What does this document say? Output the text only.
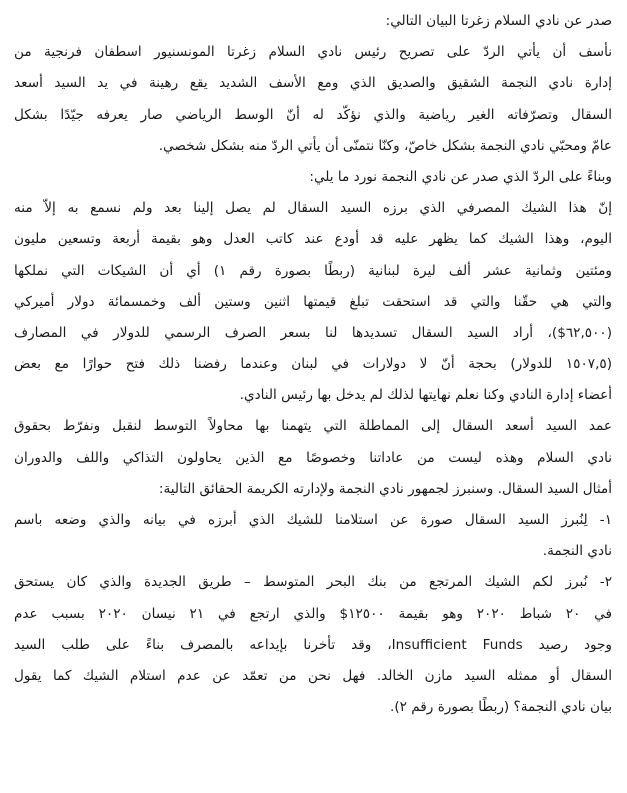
صدر عن نادي السلام زغرتا البيان التالي:
نأسف أن يأتي الردّ على تصريح رئيس نادي السلام زغرتا المونسنيور اسطفان فرنجية من
إدارة نادي النجمة الشقيق والصديق الذي ومع الأسف الشديد يقع رهينة في يد السيد أسعد
السقال وتصرّفاته الغير رياضية والذي نؤكّد له أنّ الوسط الرياضي صار يعرفه جيّدًا بشكل
عامّ ومحبّي نادي النجمة بشكل خاصّ، وكنّا نتمنّى أن يأتي الردّ منه بشكل شخصي.
وبناءً على الردّ الذي صدر عن نادي النجمة نورد ما يلي:
إنّ هذا الشيك المصرفي الذي برزه السيد السقال لم يصل إلينا بعد ولم نسمع به إلاّ منه
اليوم، وهذا الشيك كما يظهر عليه قد أودع عند كاتب العدل وهو بقيمة أربعة وتسعين مليون
ومئتين وثمانية عشر ألف ليرة لبنانية (ربطًا بصورة رقم ١) أي أن الشيكات التي نملكها
والتي هي حقّنا والتي قد استحقت تبلغ قيمتها اثنين وستين ألف وخمسمائة دولار أميركي
(٦٢,٥٠٠$)، أراد السيد السقال تسديدها لنا بسعر الصرف الرسمي للدولار في المصارف
(١٥٠٧,٥ للدولار) بحجة أنّ لا دولارات في لبنان وعندما رفضنا ذلك فتح حوارًا مع بعض
أعضاء إدارة النادي وكنا نعلم نهايتها لذلك لم يدخل بها رئيس النادي.
عمد السيد أسعد السقال إلى المماطلة التي يتهمنا بها محاولاً التوسط لنقبل ونفرّط بحقوق
نادي السلام وهذه ليست من عاداتنا وخصوصًا مع الذين يحاولون التذاكي واللف والدوران
أمثال السيد السقال. وسنبرز لجمهور نادي النجمة ولإدارته الكريمة الحقائق التالية:
١- لِنُبرز السيد السقال صورة عن استلامنا للشيك الذي أبرزه في بيانه والذي وضعه باسم
نادي النجمة.
٢- نُبرز لكم الشيك المرتجع من بنك البحر المتوسط – طريق الجديدة والذي كان يستحق
في ٢٠ شباط ٢٠٢٠ وهو بقيمة ١٢٥٠٠$ والذي ارتجع في ٢١ نيسان ٢٠٢٠ بسبب عدم
وجود رصيد Insufficient Funds، وقد تأخرنا بإيداعه بالمصرف بناءً على طلب السيد
السقال أو ممثله السيد مازن الخالد. فهل نحن من تعمّد عن عدم استلام الشيك كما يقول
بيان نادي النجمة؟ (ربطًا بصورة رقم ٢).
